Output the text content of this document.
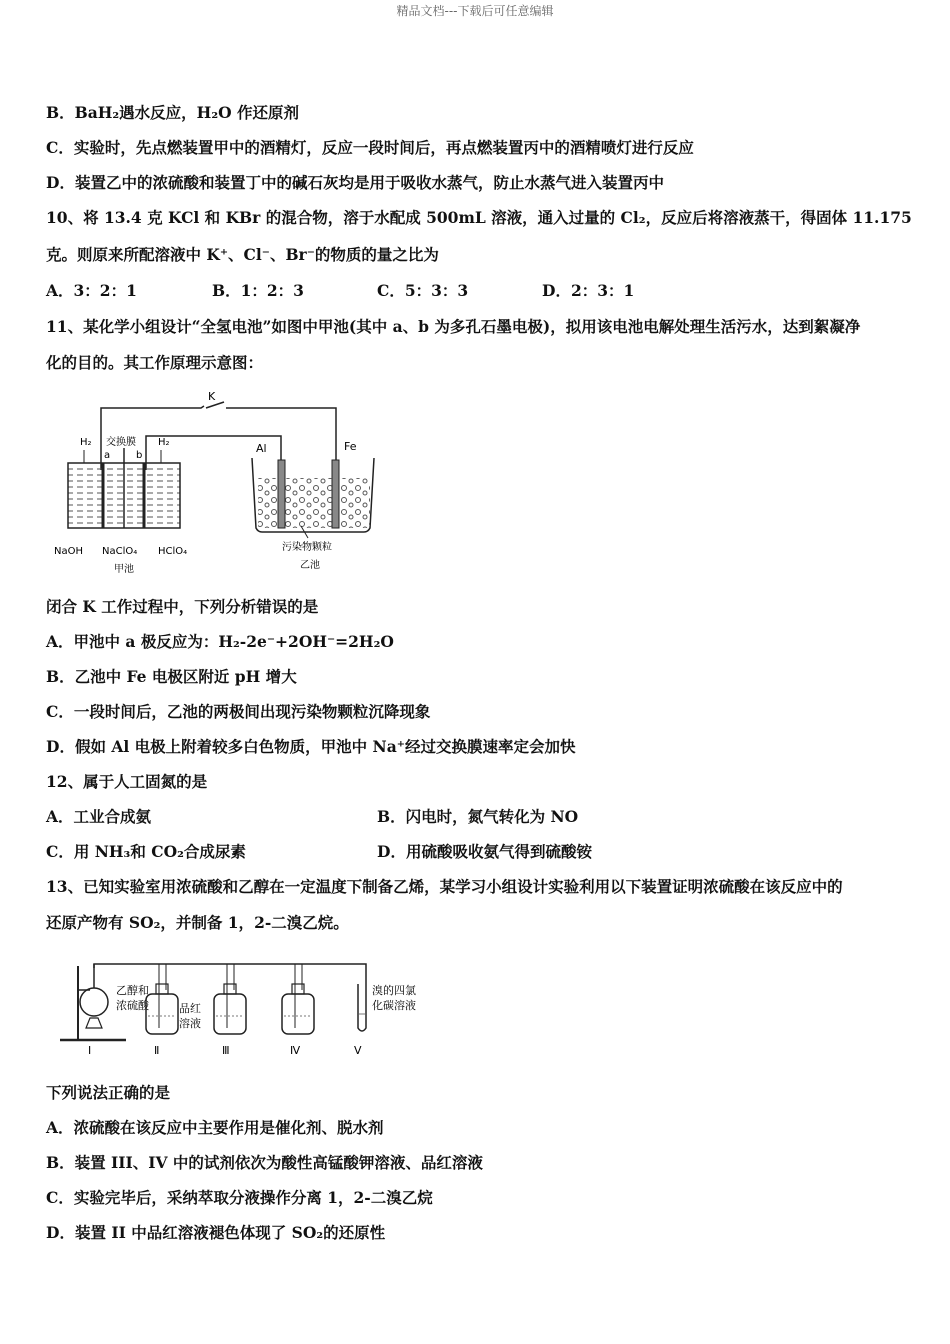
精品文档---下载后可任意编辑
B．BaH₂遇水反应，H₂O 作还原剂
C．实验时，先点燃装置甲中的酒精灯，反应一段时间后，再点燃装置丙中的酒精喷灯进行反应
D．装置乙中的浓硫酸和装置丁中的碱石灰均是用于吸收水蒸气，防止水蒸气进入装置丙中
10、将 13.4 克 KCl 和 KBr 的混合物，溶于水配成 500mL 溶液，通入过量的 Cl₂，反应后将溶液蒸干，得固体 11.175
克。则原来所配溶液中 K⁺、Cl⁻、Br⁻的物质的量之比为
A．3：2：1	B．1：2：3	C．5：3：3	D．2：3：1
11、某化学小组设计“全氢电池”如图中甲池(其中 a、b 为多孔石墨电极)，拟用该电池电解处理生活污水，达到絮凝净
化的目的。其工作原理示意图：
K
H₂ 交换膜
a	b
H₂	Al	Fe
NaOH NaClO₄ HClO₄
甲池
污染物颗粒
乙池
闭合 K 工作过程中，下列分析错误的是
A．甲池中 a 极反应为：H₂-2e⁻+2OH⁻=2H₂O
B．乙池中 Fe 电极区附近 pH 增大
C．一段时间后，乙池的两极间出现污染物颗粒沉降现象
D．假如 Al 电极上附着较多白色物质，甲池中 Na⁺经过交换膜速率定会加快
12、属于人工固氮的是
A．工业合成氨	B．闪电时，氮气转化为 NO
C．用 NH₃和 CO₂合成尿素	D．用硫酸吸收氨气得到硫酸铵
13、已知实验室用浓硫酸和乙醇在一定温度下制备乙烯，某学习小组设计实验利用以下装置证明浓硫酸在该反应中的
还原产物有 SO₂，并制备 1，2-二溴乙烷。
乙醇和
浓硫酸	品红
溶液
溴的四氯
化碳溶液
Ⅰ	Ⅱ	Ⅲ	Ⅳ	Ⅴ
下列说法正确的是
A．浓硫酸在该反应中主要作用是催化剂、脱水剂
B．装置 III、IV 中的试剂依次为酸性高锰酸钾溶液、品红溶液
C．实验完毕后，采纳萃取分液操作分离 1，2-二溴乙烷
D．装置 II 中品红溶液褪色体现了 SO₂的还原性
